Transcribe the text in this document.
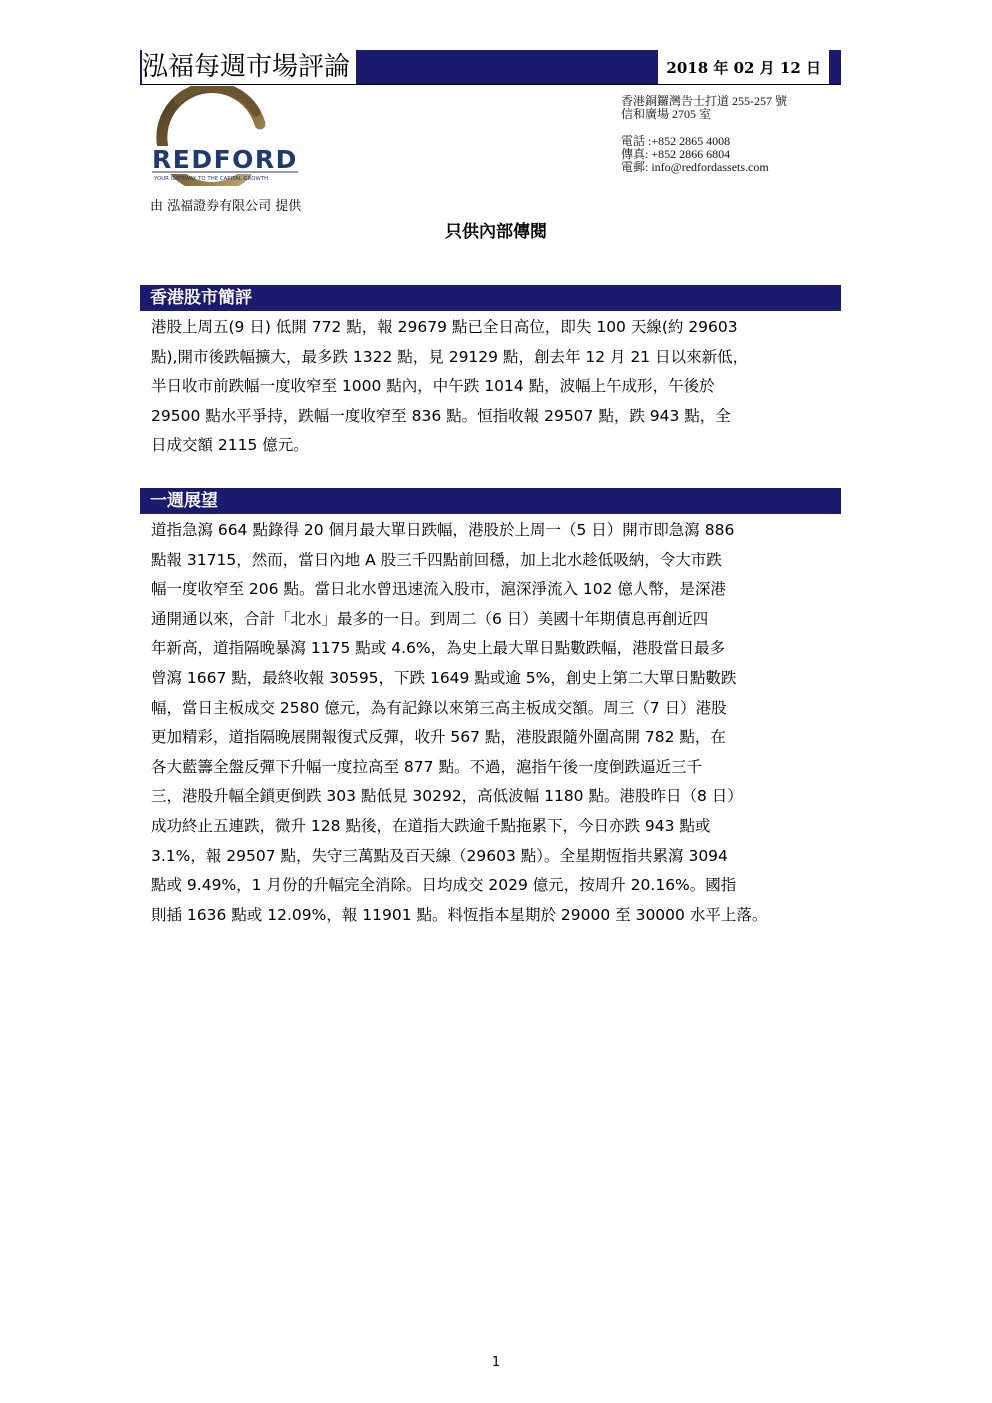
泓福每週市場評論	2018 年 02 月 12 日
REDFORD
YOUR GATEWAY TO THE CAPITAL GROWTH
由 泓福證券有限公司 提供
香港銅鑼灣告士打道 255-257 號
信和廣場 2705 室
電話 :+852 2865 4008
傳真: +852 2866 6804
電郵: info@redfordassets.com
只供內部傳閱
香港股市簡評
港股上周五(9 日) 低開 772 點，報 29679 點已全日高位，即失 100 天線(約 29603
點),開市後跌幅擴大，最多跌 1322 點，見 29129 點，創去年 12 月 21 日以來新低，
半日收市前跌幅一度收窄至 1000 點內，中午跌 1014 點，波幅上午成形，午後於
29500 點水平爭持，跌幅一度收窄至 836 點。恒指收報 29507 點，跌 943 點，全
日成交額 2115 億元。
一週展望
道指急瀉 664 點錄得 20 個月最大單日跌幅，港股於上周一（5 日）開市即急瀉 886
點報 31715，然而，當日內地 A 股三千四點前回穩，加上北水趁低吸納，令大市跌
幅一度收窄至 206 點。當日北水曾迅速流入股市，滬深淨流入 102 億人幣，是深港
通開通以來，合計「北水」最多的一日。到周二（6 日）美國十年期債息再創近四
年新高，道指隔晚暴瀉 1175 點或 4.6%，為史上最大單日點數跌幅，港股當日最多
曾瀉 1667 點，最終收報 30595，下跌 1649 點或逾 5%，創史上第二大單日點數跌
幅，當日主板成交 2580 億元，為有記錄以來第三高主板成交額。周三（7 日）港股
更加精彩，道指隔晚展開報復式反彈，收升 567 點，港股跟隨外圍高開 782 點，在
各大藍籌全盤反彈下升幅一度拉高至 877 點。不過，滬指午後一度倒跌逼近三千
三，港股升幅全鎖更倒跌 303 點低見 30292，高低波幅 1180 點。港股昨日（8 日）
成功終止五連跌，微升 128 點後，在道指大跌逾千點拖累下，今日亦跌 943 點或
3.1%，報 29507 點，失守三萬點及百天線（29603 點）。全星期恆指共累瀉 3094
點或 9.49%，1 月份的升幅完全消除。日均成交 2029 億元，按周升 20.16%。國指
則插 1636 點或 12.09%，報 11901 點。料恆指本星期於 29000 至 30000 水平上落。
1
